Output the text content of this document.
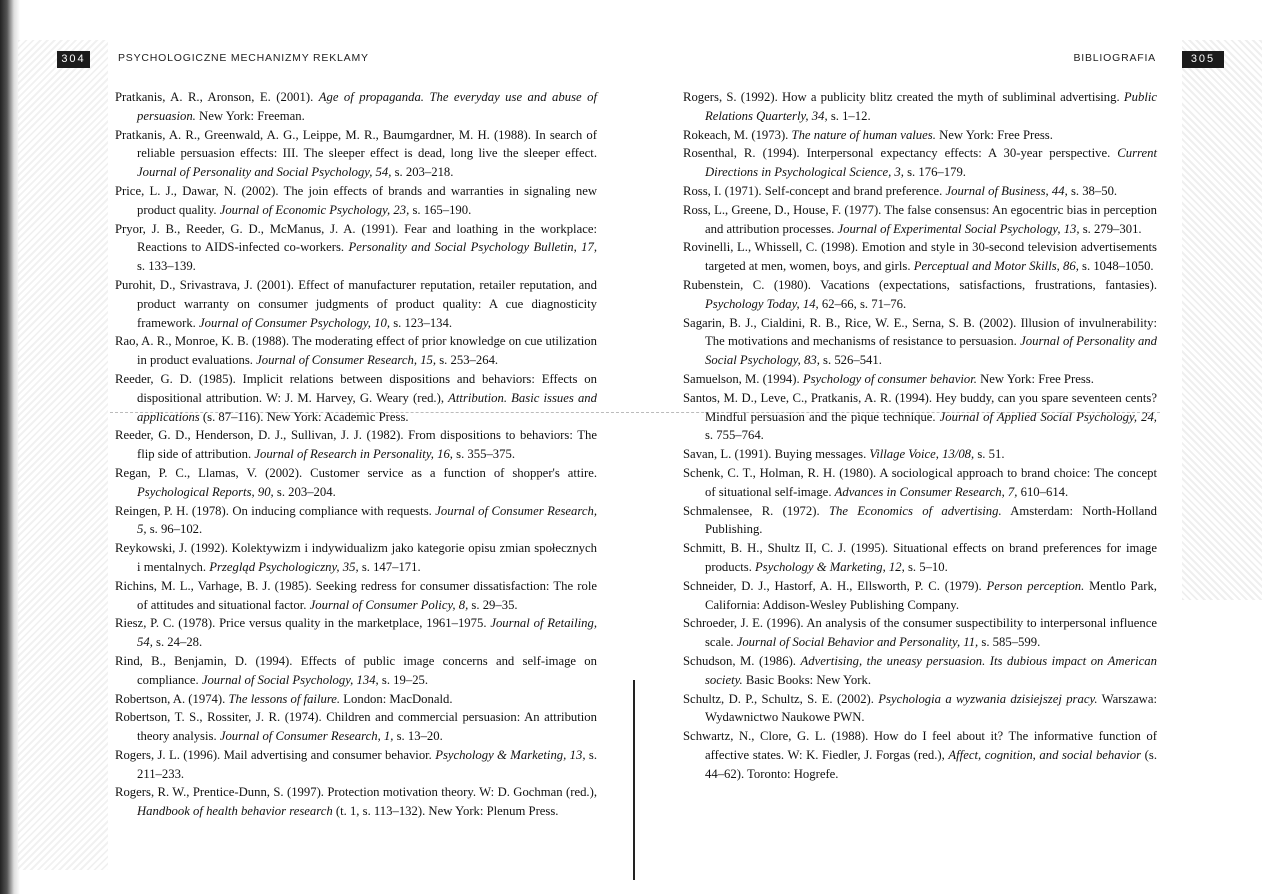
304	PSYCHOLOGICZNE MECHANIZMY REKLAMY	305
BIBLIOGRAFIA

Pratkanis, A. R., Aronson, E. (2001). Age of propaganda. The everyday use and abuse of persuasion. New York: Freeman.

Pratkanis, A. R., Greenwald, A. G., Leippe, M. R., Baumgardner, M. H. (1988). In search of reliable persuasion effects: III. The sleeper effect is dead, long live the sleeper effect. Journal of Personality and Social Psychology, 54, s. 203–218.

Price, L. J., Dawar, N. (2002). The join effects of brands and warranties in signaling new product quality. Journal of Economic Psychology, 23, s. 165–190.

Pryor, J. B., Reeder, G. D., McManus, J. A. (1991). Fear and loathing in the workplace: Reactions to AIDS-infected co-workers. Personality and Social Psychology Bulletin, 17, s. 133–139.

Purohit, D., Srivastrava, J. (2001). Effect of manufacturer reputation, retailer reputation, and product warranty on consumer judgments of product quality: A cue diagnosticity framework. Journal of Consumer Psychology, 10, s. 123–134.

Rao, A. R., Monroe, K. B. (1988). The moderating effect of prior knowledge on cue utilization in product evaluations. Journal of Consumer Research, 15, s. 253–264.

Reeder, G. D. (1985). Implicit relations between dispositions and behaviors: Effects on dispositional attribution. W: J. M. Harvey, G. Weary (red.), Attribution. Basic issues and applications (s. 87–116). New York: Academic Press.

Reeder, G. D., Henderson, D. J., Sullivan, J. J. (1982). From dispositions to behaviors: The flip side of attribution. Journal of Research in Personality, 16, s. 355–375.

Regan, P. C., Llamas, V. (2002). Customer service as a function of shopper's attire. Psychological Reports, 90, s. 203–204.

Reingen, P. H. (1978). On inducing compliance with requests. Journal of Consumer Research, 5, s. 96–102.

Reykowski, J. (1992). Kolektywizm i indywidualizm jako kategorie opisu zmian społecznych i mentalnych. Przegląd Psychologiczny, 35, s. 147–171.

Richins, M. L., Varhage, B. J. (1985). Seeking redress for consumer dissatisfaction: The role of attitudes and situational factor. Journal of Consumer Policy, 8, s. 29–35.

Riesz, P. C. (1978). Price versus quality in the marketplace, 1961–1975. Journal of Retailing, 54, s. 24–28.

Rind, B., Benjamin, D. (1994). Effects of public image concerns and self-image on compliance. Journal of Social Psychology, 134, s. 19–25.

Robertson, A. (1974). The lessons of failure. London: MacDonald.

Robertson, T. S., Rossiter, J. R. (1974). Children and commercial persuasion: An attribution theory analysis. Journal of Consumer Research, 1, s. 13–20.

Rogers, J. L. (1996). Mail advertising and consumer behavior. Psychology & Marketing, 13, s. 211–233.

Rogers, R. W., Prentice-Dunn, S. (1997). Protection motivation theory. W: D. Gochman (red.), Handbook of health behavior research (t. 1, s. 113–132). New York: Plenum Press.

Rogers, S. (1992). How a publicity blitz created the myth of subliminal advertising. Public Relations Quarterly, 34, s. 1–12.

Rokeach, M. (1973). The nature of human values. New York: Free Press.

Rosenthal, R. (1994). Interpersonal expectancy effects: A 30-year perspective. Current Directions in Psychological Science, 3, s. 176–179.

Ross, I. (1971). Self-concept and brand preference. Journal of Business, 44, s. 38–50.

Ross, L., Greene, D., House, F. (1977). The false consensus: An egocentric bias in perception and attribution processes. Journal of Experimental Social Psychology, 13, s. 279–301.

Rovinelli, L., Whissell, C. (1998). Emotion and style in 30-second television advertisements targeted at men, women, boys, and girls. Perceptual and Motor Skills, 86, s. 1048–1050.

Rubenstein, C. (1980). Vacations (expectations, satisfactions, frustrations, fantasies). Psychology Today, 14, 62–66, s. 71–76.

Sagarin, B. J., Cialdini, R. B., Rice, W. E., Serna, S. B. (2002). Illusion of invulnerability: The motivations and mechanisms of resistance to persuasion. Journal of Personality and Social Psychology, 83, s. 526–541.

Samuelson, M. (1994). Psychology of consumer behavior. New York: Free Press.

Santos, M. D., Leve, C., Pratkanis, A. R. (1994). Hey buddy, can you spare seventeen cents? Mindful persuasion and the pique technique. Journal of Applied Social Psychology, 24, s. 755–764.

Savan, L. (1991). Buying messages. Village Voice, 13/08, s. 51.

Schenk, C. T., Holman, R. H. (1980). A sociological approach to brand choice: The concept of situational self-image. Advances in Consumer Research, 7, 610–614.

Schmalensee, R. (1972). The Economics of advertising. Amsterdam: North-Holland Publishing.

Schmitt, B. H., Shultz II, C. J. (1995). Situational effects on brand preferences for image products. Psychology & Marketing, 12, s. 5–10.

Schneider, D. J., Hastorf, A. H., Ellsworth, P. C. (1979). Person perception. Mentlo Park, California: Addison-Wesley Publishing Company.

Schroeder, J. E. (1996). An analysis of the consumer suspectibility to interpersonal influence scale. Journal of Social Behavior and Personality, 11, s. 585–599.

Schudson, M. (1986). Advertising, the uneasy persuasion. Its dubious impact on American society. Basic Books: New York.

Schultz, D. P., Schultz, S. E. (2002). Psychologia a wyzwania dzisiejszej pracy. Warszawa: Wydawnictwo Naukowe PWN.

Schwartz, N., Clore, G. L. (1988). How do I feel about it? The informative function of affective states. W: K. Fiedler, J. Forgas (red.), Affect, cognition, and social behavior (s. 44–62). Toronto: Hogrefe.
